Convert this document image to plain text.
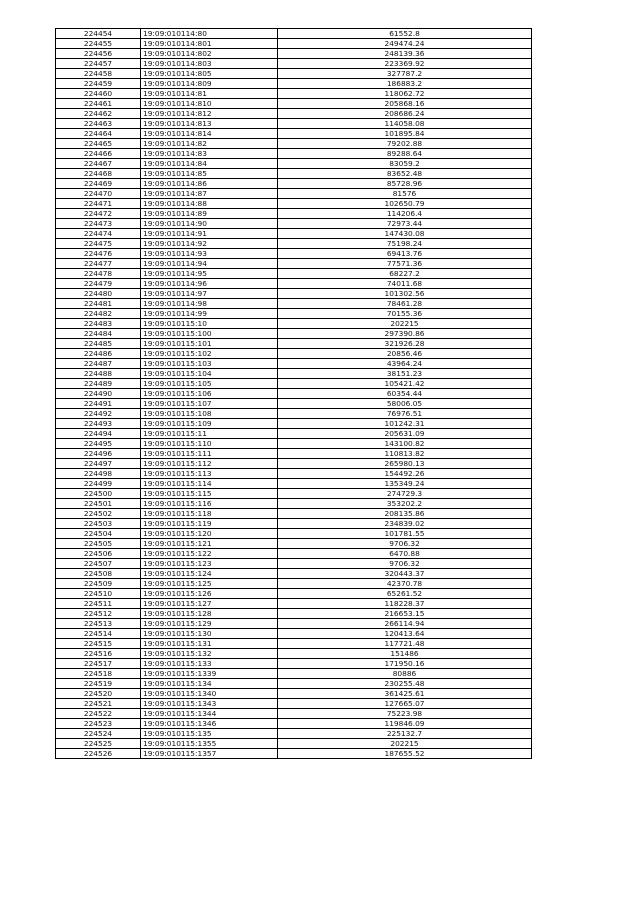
224454	19:09:010114:80	61552.8
224455	19:09:010114:801	249474.24
224456	19:09:010114:802	248139.36
224457	19:09:010114:803	223369.92
224458	19:09:010114:805	327787.2
224459	19:09:010114:809	186883.2
224460	19:09:010114:81	118062.72
224461	19:09:010114:810	205868.16
224462	19:09:010114:812	208686.24
224463	19:09:010114:813	114058.08
224464	19:09:010114:814	101895.84
224465	19:09:010114:82	79202.88
224466	19:09:010114:83	89288.64
224467	19:09:010114:84	83059.2
224468	19:09:010114:85	83652.48
224469	19:09:010114:86	85728.96
224470	19:09:010114:87	81576
224471	19:09:010114:88	102650.79
224472	19:09:010114:89	114206.4
224473	19:09:010114:90	72973.44
224474	19:09:010114:91	147430.08
224475	19:09:010114:92	75198.24
224476	19:09:010114:93	69413.76
224477	19:09:010114:94	77571.36
224478	19:09:010114:95	68227.2
224479	19:09:010114:96	74011.68
224480	19:09:010114:97	101302.56
224481	19:09:010114:98	78461.28
224482	19:09:010114:99	70155.36
224483	19:09:010115:10	202215
224484	19:09:010115:100	297390.86
224485	19:09:010115:101	321926.28
224486	19:09:010115:102	20856.46
224487	19:09:010115:103	43964.24
224488	19:09:010115:104	38151.23
224489	19:09:010115:105	105421.42
224490	19:09:010115:106	60354.44
224491	19:09:010115:107	58006.05
224492	19:09:010115:108	76976.51
224493	19:09:010115:109	101242.31
224494	19:09:010115:11	205631.09
224495	19:09:010115:110	143100.82
224496	19:09:010115:111	110813.82
224497	19:09:010115:112	265980.13
224498	19:09:010115:113	154492.26
224499	19:09:010115:114	135349.24
224500	19:09:010115:115	274729.3
224501	19:09:010115:116	353202.2
224502	19:09:010115:118	208135.86
224503	19:09:010115:119	234839.02
224504	19:09:010115:120	101781.55
224505	19:09:010115:121	9706.32
224506	19:09:010115:122	6470.88
224507	19:09:010115:123	9706.32
224508	19:09:010115:124	320443.37
224509	19:09:010115:125	42370.78
224510	19:09:010115:126	65261.52
224511	19:09:010115:127	118228.37
224512	19:09:010115:128	216653.15
224513	19:09:010115:129	266114.94
224514	19:09:010115:130	120413.64
224515	19:09:010115:131	117721.48
224516	19:09:010115:132	151486
224517	19:09:010115:133	171950.16
224518	19:09:010115:1339	80886
224519	19:09:010115:134	230255.48
224520	19:09:010115:1340	361425.61
224521	19:09:010115:1343	127665.07
224522	19:09:010115:1344	75223.98
224523	19:09:010115:1346	119846.09
224524	19:09:010115:135	225132.7
224525	19:09:010115:1355	202215
224526	19:09:010115:1357	187655.52
